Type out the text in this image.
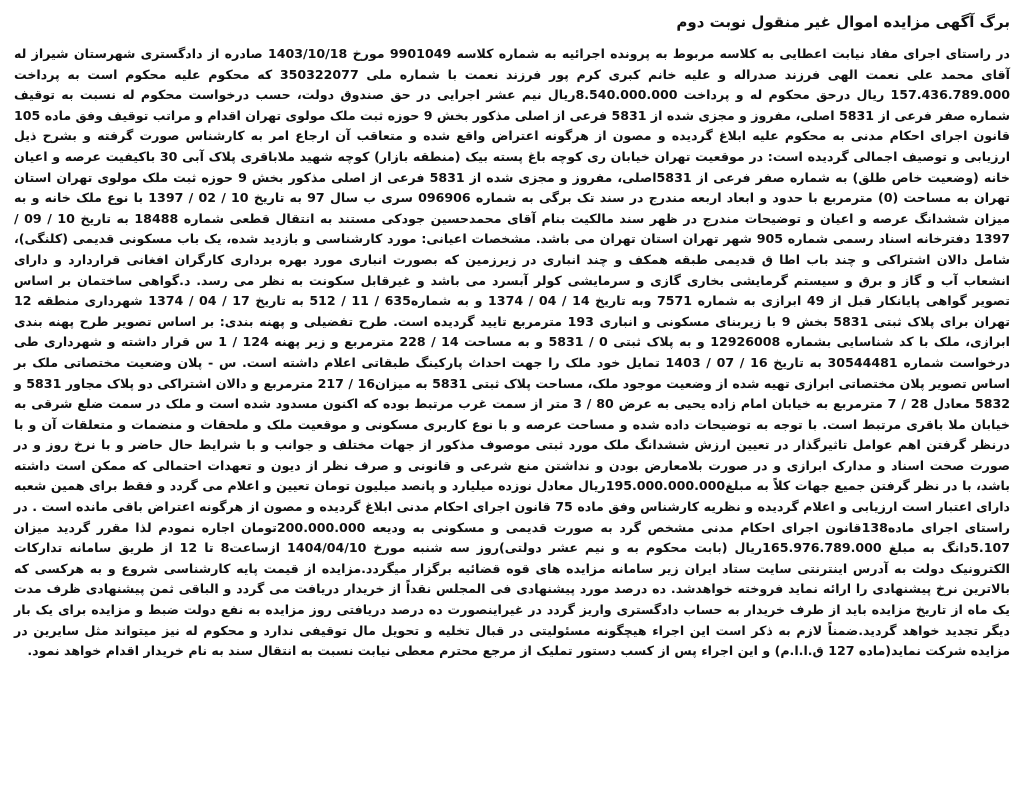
برگ آگهی مزایده اموال غیر منقول نوبت دوم

در راستای اجرای مفاد نیابت اعطایی به کلاسه مربوط به پرونده اجرائیه به شماره کلاسه 9901049 مورخ 1403/10/18 صادره از دادگستری شهرستان شیراز له آقای محمد علی نعمت الهی فرزند صدراله و علیه خانم کبری کرم پور فرزند نعمت با شماره ملی 350322077 که محکوم علیه محکوم است به پرداخت 157.436.789.000 ریال درحق محکوم له و پرداخت 8.540.000.000ریال نیم عشر اجرایی در حق صندوق دولت، حسب درخواست محکوم له نسبت به توقیف شماره صفر فرعی از 5831 اصلی، مفروز و مجزی شده از 5831 فرعی از اصلی مذکور بخش 9 حوزه ثبت ملک مولوی تهران اقدام و مراتب توقیف وفق ماده 105 قانون اجرای احکام مدنی به محکوم علیه ابلاغ گردیده و مصون از هرگونه اعتراض واقع شده و متعاقب آن ارجاع امر به کارشناس صورت گرفته و بشرح ذیل ارزیابی و توصیف اجمالی گردیده است: در موقعیت تهران خیابان ری کوچه باغ پسته بیک (منطقه بازار) کوچه شهید ملاباقری پلاک آبی 30 باکیفیت عرصه و اعیان خانه (وضعیت خاص طلق) به شماره صفر فرعی از 5831اصلی، مفروز و مجزی شده از 5831 فرعی از اصلی مذکور بخش 9 حوزه ثبت ملک مولوی تهران استان تهران به مساحت (0) مترمربع با حدود و ابعاد اربعه مندرج در سند تک برگی به شماره 096906 سری ب سال 97 به تاریخ 10 / 02 / 1397 با نوع ملک خانه و به میزان ششدانگ عرصه و اعیان و توضیحات مندرج در ظهر سند مالکیت بنام آقای محمدحسین جودکی مستند به انتقال قطعی شماره 18488 به تاریخ 10 / 09 / 1397 دفترخانه اسناد رسمی شماره 905 شهر تهران استان تهران می باشد. مشخصات اعیانی: مورد کارشناسی و بازدید شده، یک باب مسکونی قدیمی (کلنگی)، شامل دالان اشتراکی و چند باب اطا ق قدیمی طبقه همکف و چند انباری در زیرزمین که بصورت انباری مورد بهره برداری کارگران افغانی قراردارد و دارای انشعاب آب و گاز و برق و سیستم گرمایشی بخاری گازی و سرمایشی کولر آبسرد می باشد و غیرقابل سکونت به نظر می رسد. د.گواهی ساختمان بر اساس تصویر گواهی پایانکار قبل از 49 ابرازی به شماره 7571 وبه تاریخ 14 / 04 / 1374 و به شماره635 / 11 / 512 به تاریخ 17 / 04 / 1374 شهرداری منطقه 12 تهران برای پلاک ثبتی 5831 بخش 9 با زیربنای مسکونی و انباری 193 مترمربع تایید گردیده است. طرح تفضیلی و پهنه بندی: بر اساس تصویر طرح پهنه بندی ابرازی، ملک با کد شناسایی بشماره 12926008 و به پلاک ثبتی 0 / 5831 و به مساحت 14 / 228 مترمربع و زیر پهنه 124 / 1 س قرار داشته و شهرداری طی درخواست شماره 30544481 به تاریخ 16 / 07 / 1403 تمایل خود ملک را جهت احداث پارکینگ طبقاتی اعلام داشته است. س - پلان وضعیت مختصاتی ملک بر اساس تصویر پلان مختصاتی ابرازی تهیه شده از وضعیت موجود ملک، مساحت پلاک ثبتی 5831 به میزان16 / 217 مترمربع و دالان اشتراکی دو پلاک مجاور 5831 و 5832 معادل 28 / 7 مترمربع به خیابان امام زاده یحیی به عرض 80 / 3 متر از سمت غرب مرتبط بوده که اکنون مسدود شده است و ملک در سمت ضلع شرقی به خیابان ملا باقری مرتبط است. با توجه به توضیحات داده شده و مساحت عرصه و با نوع کاربری مسکونی و موقعیت ملک و ملحقات و منضمات و متعلقات آن و با درنظر گرفتن اهم عوامل تاثیرگذار در تعیین ارزش ششدانگ ملک مورد ثبتی موصوف مذکور از جهات مختلف و جوانب و با شرایط حال حاضر و با نرخ روز و در صورت صحت اسناد و مدارک ابرازی و در صورت بلامعارض بودن و نداشتن منع شرعی و قانونی و صرف نظر از دیون و تعهدات احتمالی که ممکن است داشته باشد، با در نظر گرفتن جمیع جهات کلاً به مبلغ195.000.000.000ریال معادل نوزده میلیارد و پانصد میلیون تومان تعیین و اعلام می گردد و فقط برای همین شعبه دارای اعتبار است ارزیابی و اعلام گردیده و نظریه کارشناس وفق ماده 75 قانون اجرای احکام مدنی ابلاغ گردیده و مصون از هرگونه اعتراض باقی مانده است . در راستای اجرای ماده138قانون اجرای احکام مدنی مشخص گرد به صورت قدیمی و مسکونی به ودیعه 200.000.000تومان اجاره نمودم لذا مقرر گردید میزان 5.107دانگ به مبلغ 165.976.789.000ریال (بابت محکوم به و نیم عشر دولتی)روز سه شنبه مورخ 1404/04/10 ازساعت8 تا 12 از طریق سامانه تدارکات الکترونیک دولت به آدرس اینترنتی سایت ستاد ایران زیر سامانه مزایده های قوه قضائیه برگزار میگردد.مزایده از قیمت پایه کارشناسی شروع و به هرکسی که بالاترین نرخ پیشنهادی را ارائه نماید فروخته خواهدشد. ده درصد مورد پیشنهادی فی المجلس نقداً از خریدار دریافت می گردد و الباقی ثمن پیشنهادی ظرف مدت یک ماه از تاریخ مزایده باید از طرف خریدار به حساب دادگستری واریز گردد در غیراینصورت ده درصد دریافتی روز مزایده به نفع دولت ضبط و مزایده برای یک بار دیگر تجدید خواهد گردید.ضمناً لازم به ذکر است این اجراء هیچگونه مسئولیتی در قبال تخلیه و تحویل مال توقیفی ندارد و محکوم له نیز میتواند مثل سایرین در مزایده شرکت نماید(ماده 127 ق.ا.ا.م) و این اجراء پس از کسب دستور تملیک از مرجع محترم معطی نیابت نسبت به انتقال سند به نام خریدار اقدام خواهد نمود.
